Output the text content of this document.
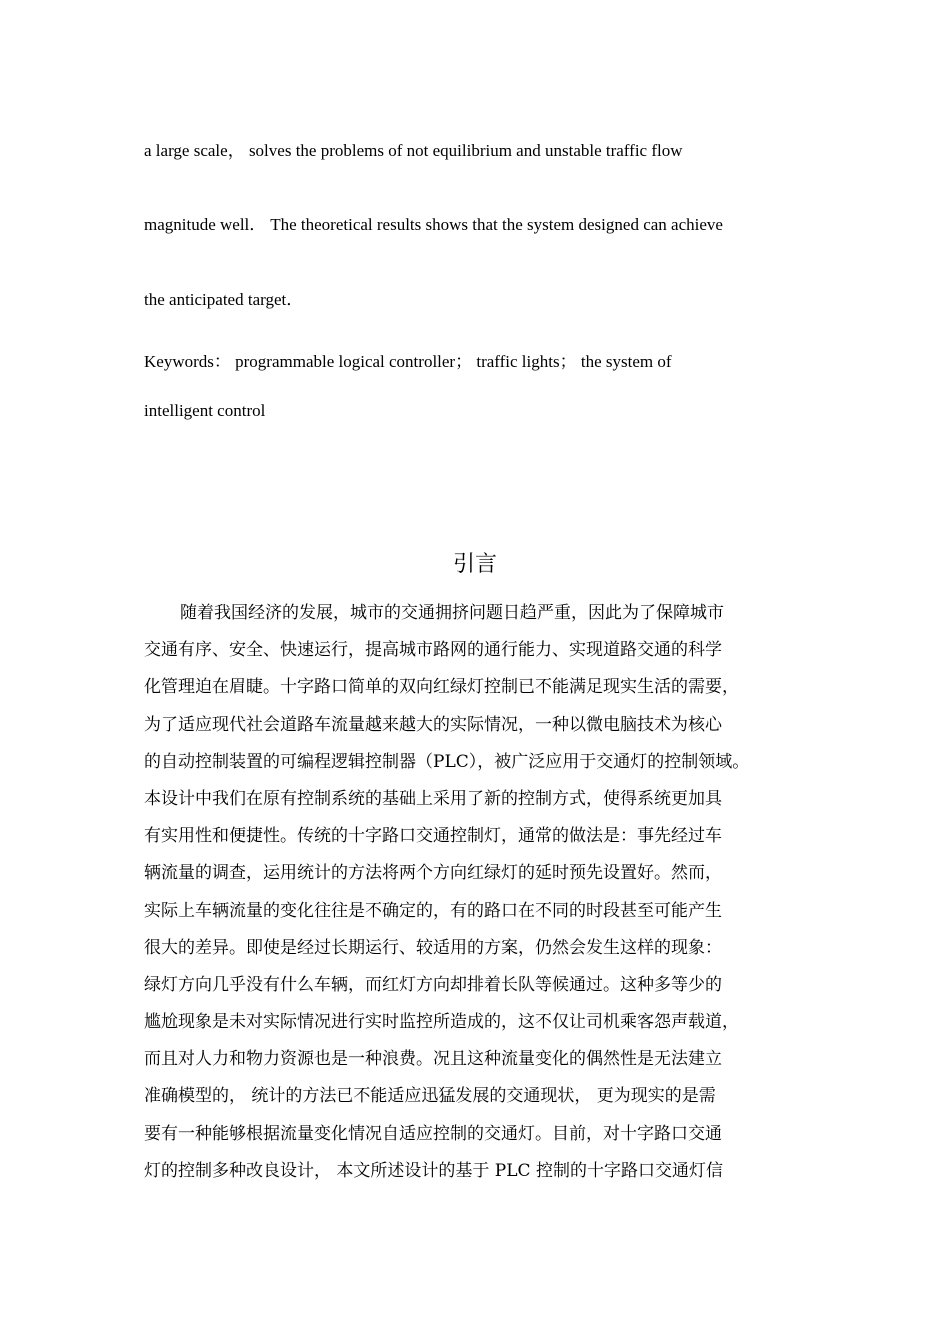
a large scale， solves the problems of not equilibrium and unstable traffic flow
magnitude well． The theoretical results shows that the system designed can achieve
the anticipated target．
Keywords： programmable logical controller； traffic lights； the system of
intelligent control
引言
随着我国经济的发展，城市的交通拥挤问题日趋严重，因此为了保障城市
交通有序、安全、快速运行，提高城市路网的通行能力、实现道路交通的科学
化管理迫在眉睫。十字路口简单的双向红绿灯控制已不能满足现实生活的需要，
为了适应现代社会道路车流量越来越大的实际情况，一种以微电脑技术为核心
的自动控制装置的可编程逻辑控制器（PLC），被广泛应用于交通灯的控制领域。
本设计中我们在原有控制系统的基础上采用了新的控制方式，使得系统更加具
有实用性和便捷性。传统的十字路口交通控制灯，通常的做法是：事先经过车
辆流量的调查，运用统计的方法将两个方向红绿灯的延时预先设置好。然而，
实际上车辆流量的变化往往是不确定的，有的路口在不同的时段甚至可能产生
很大的差异。即使是经过长期运行、较适用的方案，仍然会发生这样的现象：
绿灯方向几乎没有什么车辆，而红灯方向却排着长队等候通过。这种多等少的
尴尬现象是未对实际情况进行实时监控所造成的，这不仅让司机乘客怨声载道，
而且对人力和物力资源也是一种浪费。况且这种流量变化的偶然性是无法建立
准确模型的， 统计的方法已不能适应迅猛发展的交通现状， 更为现实的是需
要有一种能够根据流量变化情况自适应控制的交通灯。目前，对十字路口交通
灯的控制多种改良设计， 本文所述设计的基于 PLC 控制的十字路口交通灯信
